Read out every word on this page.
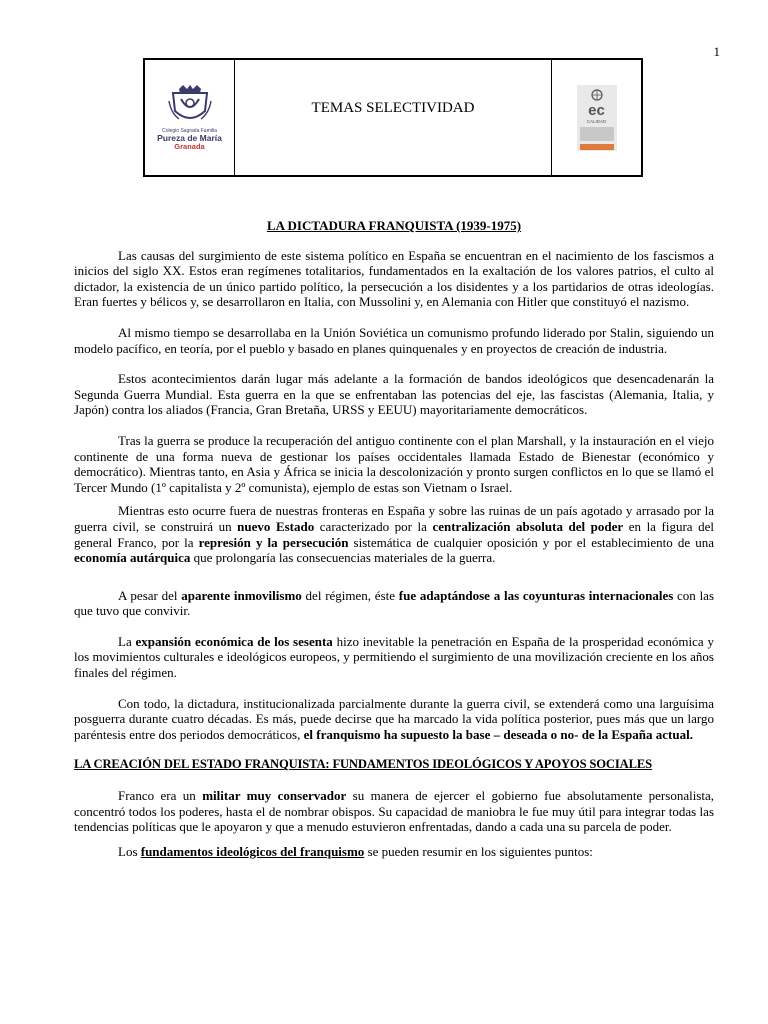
1
Colegio Sagrada Familia
Pureza de María
Granada
TEMAS SELECTIVIDAD	ec
CALIDAD
LA DICTADURA FRANQUISTA (1939-1975)

Las causas del surgimiento de este sistema político en España se encuentran en el nacimiento de los fascismos a inicios del siglo XX. Estos eran regímenes totalitarios, fundamentados en la exaltación de los valores patrios, el culto al dictador, la existencia de un único partido político, la persecución a los disidentes y a los partidarios de otras ideologías. Eran fuertes y bélicos y, se desarrollaron en Italia, con Mussolini y, en Alemania con Hitler que constituyó el nazismo.

Al mismo tiempo se desarrollaba en la Unión Soviética un comunismo profundo liderado por Stalin, siguiendo un modelo pacífico, en teoría, por el pueblo y basado en planes quinquenales y en proyectos de creación de industria.

Estos acontecimientos darán lugar más adelante a la formación de bandos ideológicos que desencadenarán la Segunda Guerra Mundial. Esta guerra en la que se enfrentaban las potencias del eje, las fascistas (Alemania, Italia, y Japón) contra los aliados (Francia, Gran Bretaña, URSS y EEUU) mayoritariamente democráticos.

Tras la guerra se produce la recuperación del antiguo continente con el plan Marshall, y la instauración en el viejo continente de una forma nueva de gestionar los países occidentales llamada Estado de Bienestar (económico y democrático). Mientras tanto, en Asia y África se inicia la descolonización y pronto surgen conflictos en lo que se llamó el Tercer Mundo (1º capitalista y 2º comunista), ejemplo de estas son Vietnam o Israel.

Mientras esto ocurre fuera de nuestras fronteras en España y sobre las ruinas de un país agotado y arrasado por la guerra civil, se construirá un nuevo Estado caracterizado por la centralización absoluta del poder en la figura del general Franco, por la represión y la persecución sistemática de cualquier oposición y por el establecimiento de una economía autárquica que prolongaría las consecuencias materiales de la guerra.

A pesar del aparente inmovilismo del régimen, éste fue adaptándose a las coyunturas internacionales con las que tuvo que convivir.

La expansión económica de los sesenta hizo inevitable la penetración en España de la prosperidad económica y los movimientos culturales e ideológicos europeos, y permitiendo el surgimiento de una movilización creciente en los años finales del régimen.

Con todo, la dictadura, institucionalizada parcialmente durante la guerra civil, se extenderá como una larguísima posguerra durante cuatro décadas. Es más, puede decirse que ha marcado la vida política posterior, pues más que un largo paréntesis entre dos periodos democráticos, el franquismo ha supuesto la base – deseada o no- de la España actual.

LA CREACIÓN DEL ESTADO FRANQUISTA: FUNDAMENTOS IDEOLÓGICOS Y APOYOS SOCIALES

Franco era un militar muy conservador su manera de ejercer el gobierno fue absolutamente personalista, concentró todos los poderes, hasta el de nombrar obispos. Su capacidad de maniobra le fue muy útil para integrar todas las tendencias políticas que le apoyaron y que a menudo estuvieron enfrentadas, dando a cada una su parcela de poder.

Los fundamentos ideológicos del franquismo se pueden resumir en los siguientes puntos:
